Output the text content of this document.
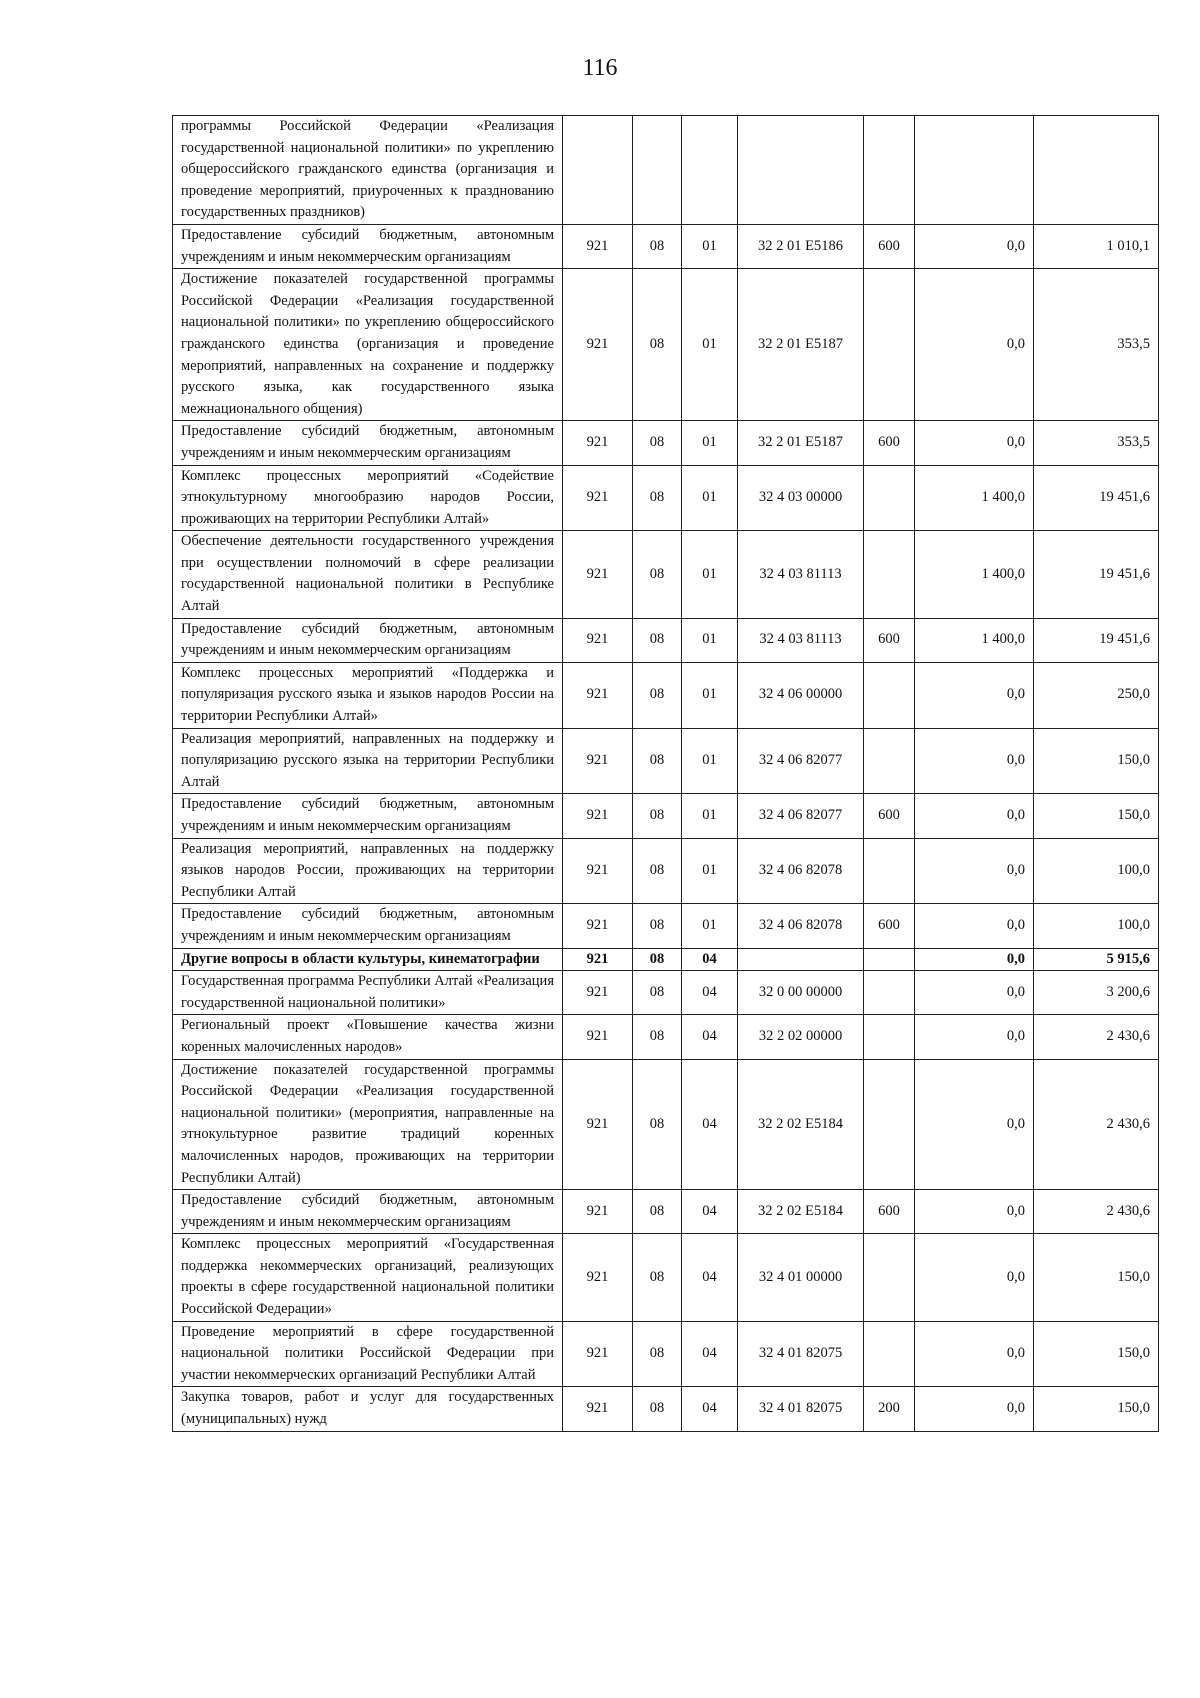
116
программы Российской Федерации «Реализация государственной национальной политики» по укреплению общероссийского гражданского единства (организация и проведение мероприятий, приуроченных к празднованию государственных праздников)							
Предоставление субсидий бюджетным, автономным учреждениям и иным некоммерческим организациям	921	08	01	32 2 01 E5186	600	0,0	1 010,1
Достижение показателей государственной программы Российской Федерации «Реализация государственной национальной политики» по укреплению общероссийского гражданского единства (организация и проведение мероприятий, направленных на сохранение и поддержку русского языка, как государственного языка межнационального общения)	921	08	01	32 2 01 E5187		0,0	353,5
Предоставление субсидий бюджетным, автономным учреждениям и иным некоммерческим организациям	921	08	01	32 2 01 E5187	600	0,0	353,5
Комплекс процессных мероприятий «Содействие этнокультурному многообразию народов России, проживающих на территории Республики Алтай»	921	08	01	32 4 03 00000		1 400,0	19 451,6
Обеспечение деятельности государственного учреждения при осуществлении полномочий в сфере реализации государственной национальной политики в Республике Алтай	921	08	01	32 4 03 81113		1 400,0	19 451,6
Предоставление субсидий бюджетным, автономным учреждениям и иным некоммерческим организациям	921	08	01	32 4 03 81113	600	1 400,0	19 451,6
Комплекс процессных мероприятий «Поддержка и популяризация русского языка и языков народов России на территории Республики Алтай»	921	08	01	32 4 06 00000		0,0	250,0
Реализация мероприятий, направленных на поддержку и популяризацию русского языка на территории Республики Алтай	921	08	01	32 4 06 82077		0,0	150,0
Предоставление субсидий бюджетным, автономным учреждениям и иным некоммерческим организациям	921	08	01	32 4 06 82077	600	0,0	150,0
Реализация мероприятий, направленных на поддержку языков народов России, проживающих на территории Республики Алтай	921	08	01	32 4 06 82078		0,0	100,0
Предоставление субсидий бюджетным, автономным учреждениям и иным некоммерческим организациям	921	08	01	32 4 06 82078	600	0,0	100,0
Другие вопросы в области культуры, кинематографии	921	08	04			0,0	5 915,6
Государственная программа Республики Алтай «Реализация государственной национальной политики»	921	08	04	32 0 00 00000		0,0	3 200,6
Региональный проект «Повышение качества жизни коренных малочисленных народов»	921	08	04	32 2 02 00000		0,0	2 430,6
Достижение показателей государственной программы Российской Федерации «Реализация государственной национальной политики» (мероприятия, направленные на этнокультурное развитие традиций коренных малочисленных народов, проживающих на территории Республики Алтай)	921	08	04	32 2 02 E5184		0,0	2 430,6
Предоставление субсидий бюджетным, автономным учреждениям и иным некоммерческим организациям	921	08	04	32 2 02 E5184	600	0,0	2 430,6
Комплекс процессных мероприятий «Государственная поддержка некоммерческих организаций, реализующих проекты в сфере государственной национальной политики Российской Федерации»	921	08	04	32 4 01 00000		0,0	150,0
Проведение мероприятий в сфере государственной национальной политики Российской Федерации при участии некоммерческих организаций Республики Алтай	921	08	04	32 4 01 82075		0,0	150,0
Закупка товаров, работ и услуг для государственных (муниципальных) нужд	921	08	04	32 4 01 82075	200	0,0	150,0
